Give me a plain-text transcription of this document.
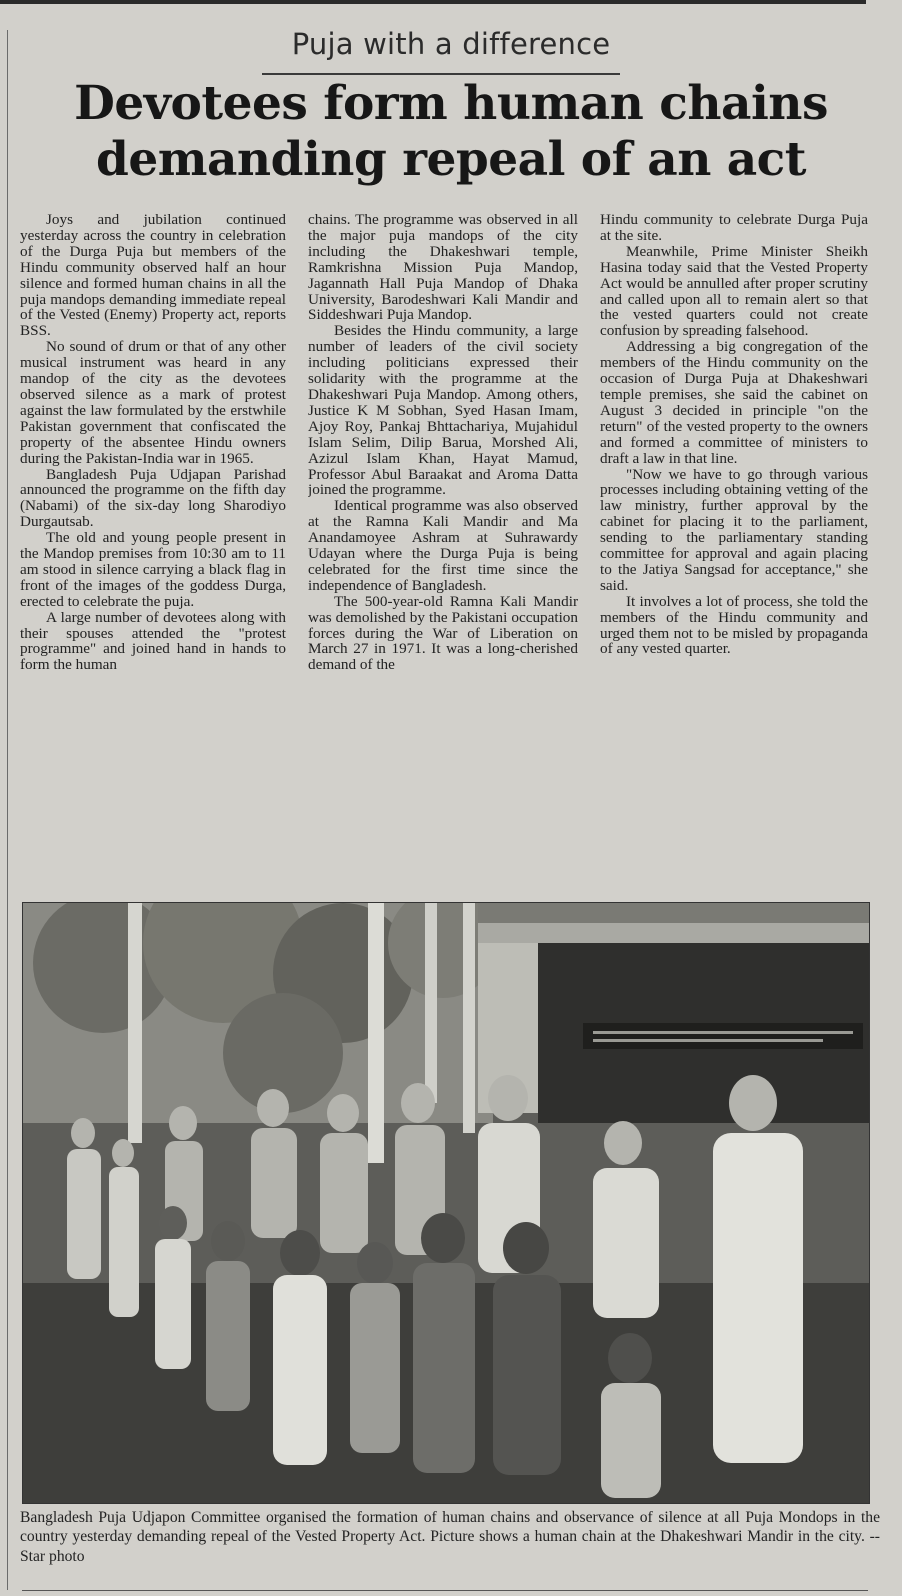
Puja with a difference
Devotees form human chains demanding repeal of an act

Joys and jubilation continued yesterday across the country in celebration of the Durga Puja but members of the Hindu community observed half an hour silence and formed human chains in all the puja mandops demanding immediate repeal of the Vested (Enemy) Property act, reports BSS.

No sound of drum or that of any other musical instrument was heard in any mandop of the city as the devotees observed silence as a mark of protest against the law formulated by the erstwhile Pakistan government that confiscated the property of the absentee Hindu owners during the Pakistan-India war in 1965.

Bangladesh Puja Udjapan Parishad announced the programme on the fifth day (Nabami) of the six-day long Sharodiyo Durgautsab.

The old and young people present in the Mandop premises from 10:30 am to 11 am stood in silence carrying a black flag in front of the images of the goddess Durga, erected to celebrate the puja.

A large number of devotees along with their spouses attended the "protest programme" and joined hand in hands to form the human

chains. The programme was observed in all the major puja mandops of the city including the Dhakeshwari temple, Ramkrishna Mission Puja Mandop, Jagannath Hall Puja Mandop of Dhaka University, Barodeshwari Kali Mandir and Siddeshwari Puja Mandop.

Besides the Hindu community, a large number of leaders of the civil society including politicians expressed their solidarity with the programme at the Dhakeshwari Puja Mandop. Among others, Justice K M Sobhan, Syed Hasan Imam, Ajoy Roy, Pankaj Bhttachariya, Mujahidul Islam Selim, Dilip Barua, Morshed Ali, Azizul Islam Khan, Hayat Mamud, Professor Abul Baraakat and Aroma Datta joined the programme.

Identical programme was also observed at the Ramna Kali Mandir and Ma Anandamoyee Ashram at Suhrawardy Udayan where the Durga Puja is being celebrated for the first time since the independence of Bangladesh.

The 500-year-old Ramna Kali Mandir was demolished by the Pakistani occupation forces during the War of Liberation on March 27 in 1971. It was a long-cherished demand of the

Hindu community to celebrate Durga Puja at the site.

Meanwhile, Prime Minister Sheikh Hasina today said that the Vested Property Act would be annulled after proper scrutiny and called upon all to remain alert so that the vested quarters could not create confusion by spreading falsehood.

Addressing a big congregation of the members of the Hindu community on the occasion of Durga Puja at Dhakeshwari temple premises, she said the cabinet on August 3 decided in principle "on the return" of the vested property to the owners and formed a committee of ministers to draft a law in that line.

"Now we have to go through various processes including obtaining vetting of the law ministry, further approval by the cabinet for placing it to the parliament, sending to the parliamentary standing committee for approval and again placing to the Jatiya Sangsad for acceptance," she said.

It involves a lot of process, she told the members of the Hindu community and urged them not to be misled by propaganda of any vested quarter.

Bangladesh Puja Udjapon Committee organised the formation of human chains and observance of silence at all Puja Mondops in the country yesterday demanding repeal of the Vested Property Act. Picture shows a human chain at the Dhakeshwari Mandir in the city. --Star photo
